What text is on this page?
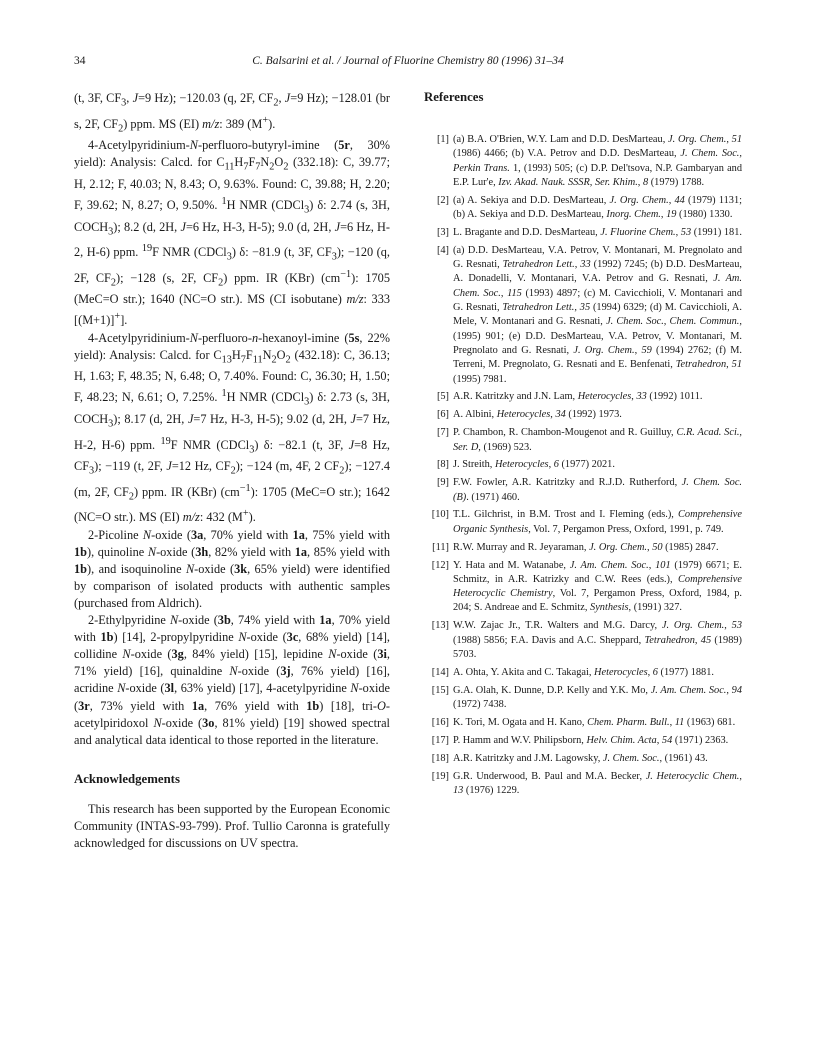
34	C. Balsarini et al. / Journal of Fluorine Chemistry 80 (1996) 31–34

(t, 3F, $CF_3$, J=9 Hz); −120.03 (q, 2F, $CF_2$, J=9 Hz); −128.01 (br s, 2F, $CF_2$) ppm. MS (EI) m/z: 389 (M+).

4-Acetylpyridinium-N-perfluoro-butyryl-imine (5r, 30% yield): Analysis: Calcd. for $C_{11}H_7F_7N_2O_2$ (332.18): C, 39.77; H, 2.12; F, 40.03; N, 8.43; O, 9.63%. Found: C, 39.88; H, 2.20; F, 39.62; N, 8.27; O, 9.50%. $^1$H NMR (CDCl$_3$) δ: 2.74 (s, 3H, $COCH_3$); 8.2 (d, 2H, J=6 Hz, H-3, H-5); 9.0 (d, 2H, J=6 Hz, H-2, H-6) ppm. $^{19}$F NMR (CDCl$_3$) δ: −81.9 (t, 3F, $CF_3$); −120 (q, 2F, $CF_2$); −128 (s, 2F, $CF_2$) ppm. IR (KBr) $(cm^{-1})$: 1705 (MeC=O str.); 1640 (NC=O str.). MS (CI isobutane) m/z: 333 [(M+1)]+].

4-Acetylpyridinium-N-perfluoro-n-hexanoyl-imine (5s, 22% yield): Analysis: Calcd. for $C_{13}H_7F_{11}N_2O_2$ (432.18): C, 36.13; H, 1.63; F, 48.35; N, 6.48; O, 7.40%. Found: C, 36.30; H, 1.50; F, 48.23; N, 6.61; O, 7.25%. $^1$H NMR (CDCl$_3$) δ: 2.73 (s, 3H, $COCH_3$); 8.17 (d, 2H, J=7 Hz, H-3, H-5); 9.02 (d, 2H, J=7 Hz, H-2, H-6) ppm. $^{19}$F NMR (CDCl$_3$) δ: −82.1 (t, 3F, J=8 Hz, $CF_3$); −119 (t, 2F, J=12 Hz, $CF_2$); −124 (m, 4F, 2 $CF_2$); −127.4 (m, 2F, $CF_2$) ppm. IR (KBr) $(cm^{-1})$: 1705 (MeC=O str.); 1642 (NC=O str.). MS (EI) m/z: 432 (M+).

2-Picoline N-oxide (3a, 70% yield with 1a, 75% yield with 1b), quinoline N-oxide (3h, 82% yield with 1a, 85% yield with 1b), and isoquinoline N-oxide (3k, 65% yield) were identified by comparison of isolated products with authentic samples (purchased from Aldrich).

2-Ethylpyridine N-oxide (3b, 74% yield with 1a, 70% yield with 1b) [14], 2-propylpyridine N-oxide (3c, 68% yield) [14], collidine N-oxide (3g, 84% yield) [15], lepidine N-oxide (3i, 71% yield) [16], quinaldine N-oxide (3j, 76% yield) [16], acridine N-oxide (3l, 63% yield) [17], 4-acetylpyridine N-oxide (3r, 73% yield with 1a, 76% yield with 1b) [18], tri-O-acetylpiridoxol N-oxide (3o, 81% yield) [19] showed spectral and analytical data identical to those reported in the literature.

Acknowledgements

This research has been supported by the European Economic Community (INTAS-93-799). Prof. Tullio Caronna is gratefully acknowledged for discussions on UV spectra.

References
[1] (a) B.A. O'Brien, W.Y. Lam and D.D. DesMarteau, J. Org. Chem., 51 (1986) 4466; (b) V.A. Petrov and D.D. DesMarteau, J. Chem. Soc., Perkin Trans. 1, (1993) 505; (c) D.P. Del'tsova, N.P. Gambaryan and E.P. Lur'e, Izv. Akad. Nauk. SSSR, Ser. Khim., 8 (1979) 1788.
[2] (a) A. Sekiya and D.D. DesMarteau, J. Org. Chem., 44 (1979) 1131; (b) A. Sekiya and D.D. DesMarteau, Inorg. Chem., 19 (1980) 1330.
[3] L. Bragante and D.D. DesMarteau, J. Fluorine Chem., 53 (1991) 181.
[4] (a) D.D. DesMarteau, V.A. Petrov, V. Montanari, M. Pregnolato and G. Resnati, Tetrahedron Lett., 33 (1992) 7245; (b) D.D. DesMarteau, A. Donadelli, V. Montanari, V.A. Petrov and G. Resnati, J. Am. Chem. Soc., 115 (1993) 4897; (c) M. Cavicchioli, V. Montanari and G. Resnati, Tetrahedron Lett., 35 (1994) 6329; (d) M. Cavicchioli, A. Mele, V. Montanari and G. Resnati, J. Chem. Soc., Chem. Commun., (1995) 901; (e) D.D. DesMarteau, V.A. Petrov, V. Montanari, M. Pregnolato and G. Resnati, J. Org. Chem., 59 (1994) 2762; (f) M. Terreni, M. Pregnolato, G. Resnati and E. Benfenati, Tetrahedron, 51 (1995) 7981.
[5] A.R. Katritzky and J.N. Lam, Heterocycles, 33 (1992) 1011.
[6] A. Albini, Heterocycles, 34 (1992) 1973.
[7] P. Chambon, R. Chambon-Mougenot and R. Guilluy, C.R. Acad. Sci., Ser. D, (1969) 523.
[8] J. Streith, Heterocycles, 6 (1977) 2021.
[9] F.W. Fowler, A.R. Katritzky and R.J.D. Rutherford, J. Chem. Soc. (B). (1971) 460.
[10] T.L. Gilchrist, in B.M. Trost and I. Fleming (eds.), Comprehensive Organic Synthesis, Vol. 7, Pergamon Press, Oxford, 1991, p. 749.
[11] R.W. Murray and R. Jeyaraman, J. Org. Chem., 50 (1985) 2847.
[12] Y. Hata and M. Watanabe, J. Am. Chem. Soc., 101 (1979) 6671; E. Schmitz, in A.R. Katrizky and C.W. Rees (eds.), Comprehensive Heterocyclic Chemistry, Vol. 7, Pergamon Press, Oxford, 1984, p. 204; S. Andreae and E. Schmitz, Synthesis, (1991) 327.
[13] W.W. Zajac Jr., T.R. Walters and M.G. Darcy, J. Org. Chem., 53 (1988) 5856; F.A. Davis and A.C. Sheppard, Tetrahedron, 45 (1989) 5703.
[14] A. Ohta, Y. Akita and C. Takagai, Heterocycles, 6 (1977) 1881.
[15] G.A. Olah, K. Dunne, D.P. Kelly and Y.K. Mo, J. Am. Chem. Soc., 94 (1972) 7438.
[16] K. Tori, M. Ogata and H. Kano, Chem. Pharm. Bull., 11 (1963) 681.
[17] P. Hamm and W.V. Philipsborn, Helv. Chim. Acta, 54 (1971) 2363.
[18] A.R. Katritzky and J.M. Lagowsky, J. Chem. Soc., (1961) 43.
[19] G.R. Underwood, B. Paul and M.A. Becker, J. Heterocyclic Chem., 13 (1976) 1229.
